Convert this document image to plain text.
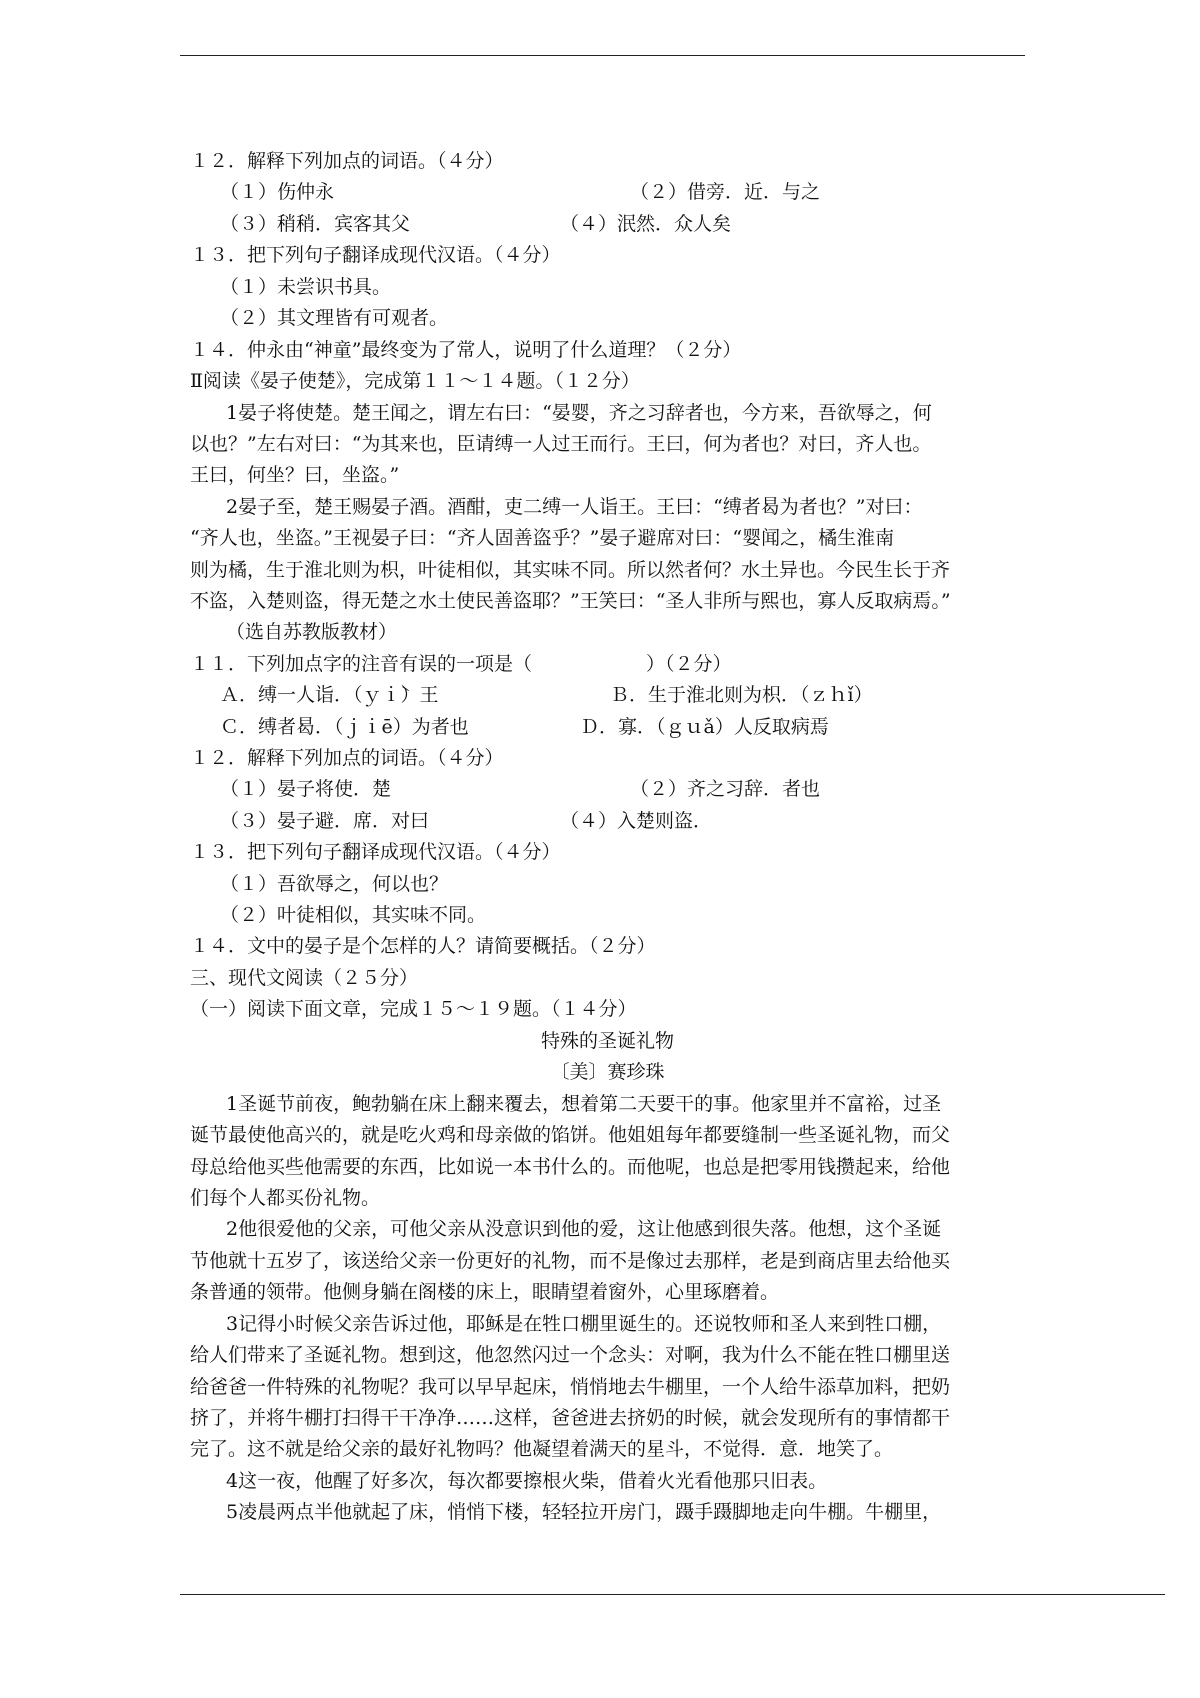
１２．解释下列加点的词语。（４分）
（１）伤仲永	（２）借旁．近．与之
（３）稍稍．宾客其父	（４）泯然．众人矣
１３．把下列句子翻译成现代汉语。（４分）
（１）未尝识书具。
（２）其文理皆有可观者。
１４．仲永由“神童”最终变为了常人，说明了什么道理？（２分）
Ⅱ阅读《晏子使楚》，完成第１１～１４题。（１２分）
1晏子将使楚。楚王闻之，谓左右曰：“晏婴，齐之习辞者也，今方来，吾欲辱之，何
以也？”左右对曰：“为其来也，臣请缚一人过王而行。王曰，何为者也？对曰，齐人也。
王曰，何坐？曰，坐盗。”
2晏子至，楚王赐晏子酒。酒酣，吏二缚一人诣王。王曰：“缚者曷为者也？”对曰：
“齐人也，坐盗。”王视晏子曰：“齐人固善盗乎？”晏子避席对曰：“婴闻之，橘生淮南
则为橘，生于淮北则为枳，叶徒相似，其实味不同。所以然者何？水土异也。今民生长于齐
不盗，入楚则盗，得无楚之水土使民善盗耶？”王笑曰：“圣人非所与熙也，寡人反取病焉。”
（选自苏教版教材）
１１．下列加点字的注音有误的一项是（　　　　　　）（２分）
Ａ．缚一人诣．（ｙｉ̀）王	Ｂ．生于淮北则为枳．（ｚｈǐ）
Ｃ．缚者曷．（ｊｉē）为者也	Ｄ．寡．（ｇｕǎ）人反取病焉
１２．解释下列加点的词语。（４分）
（１）晏子将使．楚	（２）齐之习辞．者也
（３）晏子避．席．对曰	（４）入楚则盗．
１３．把下列句子翻译成现代汉语。（４分）
（１）吾欲辱之，何以也？
（２）叶徒相似，其实味不同。
１４．文中的晏子是个怎样的人？请简要概括。（２分）
三、现代文阅读（２５分）
（一）阅读下面文章，完成１５～１９题。（１４分）
特殊的圣诞礼物
〔美〕赛珍珠
1圣诞节前夜，鲍勃躺在床上翻来覆去，想着第二天要干的事。他家里并不富裕，过圣
诞节最使他高兴的，就是吃火鸡和母亲做的馅饼。他姐姐每年都要缝制一些圣诞礼物，而父
母总给他买些他需要的东西，比如说一本书什么的。而他呢，也总是把零用钱攒起来，给他
们每个人都买份礼物。
2他很爱他的父亲，可他父亲从没意识到他的爱，这让他感到很失落。他想，这个圣诞
节他就十五岁了，该送给父亲一份更好的礼物，而不是像过去那样，老是到商店里去给他买
条普通的领带。他侧身躺在阁楼的床上，眼睛望着窗外，心里琢磨着。
3记得小时候父亲告诉过他，耶稣是在牲口棚里诞生的。还说牧师和圣人来到牲口棚，
给人们带来了圣诞礼物。想到这，他忽然闪过一个念头：对啊，我为什么不能在牲口棚里送
给爸爸一件特殊的礼物呢？我可以早早起床，悄悄地去牛棚里，一个人给牛添草加料，把奶
挤了，并将牛棚打扫得干干净净……这样，爸爸进去挤奶的时候，就会发现所有的事情都干
完了。这不就是给父亲的最好礼物吗？他凝望着满天的星斗，不觉得．意．地笑了。
4这一夜，他醒了好多次，每次都要擦根火柴，借着火光看他那只旧表。
5凌晨两点半他就起了床，悄悄下楼，轻轻拉开房门，蹑手蹑脚地走向牛棚。牛棚里，
